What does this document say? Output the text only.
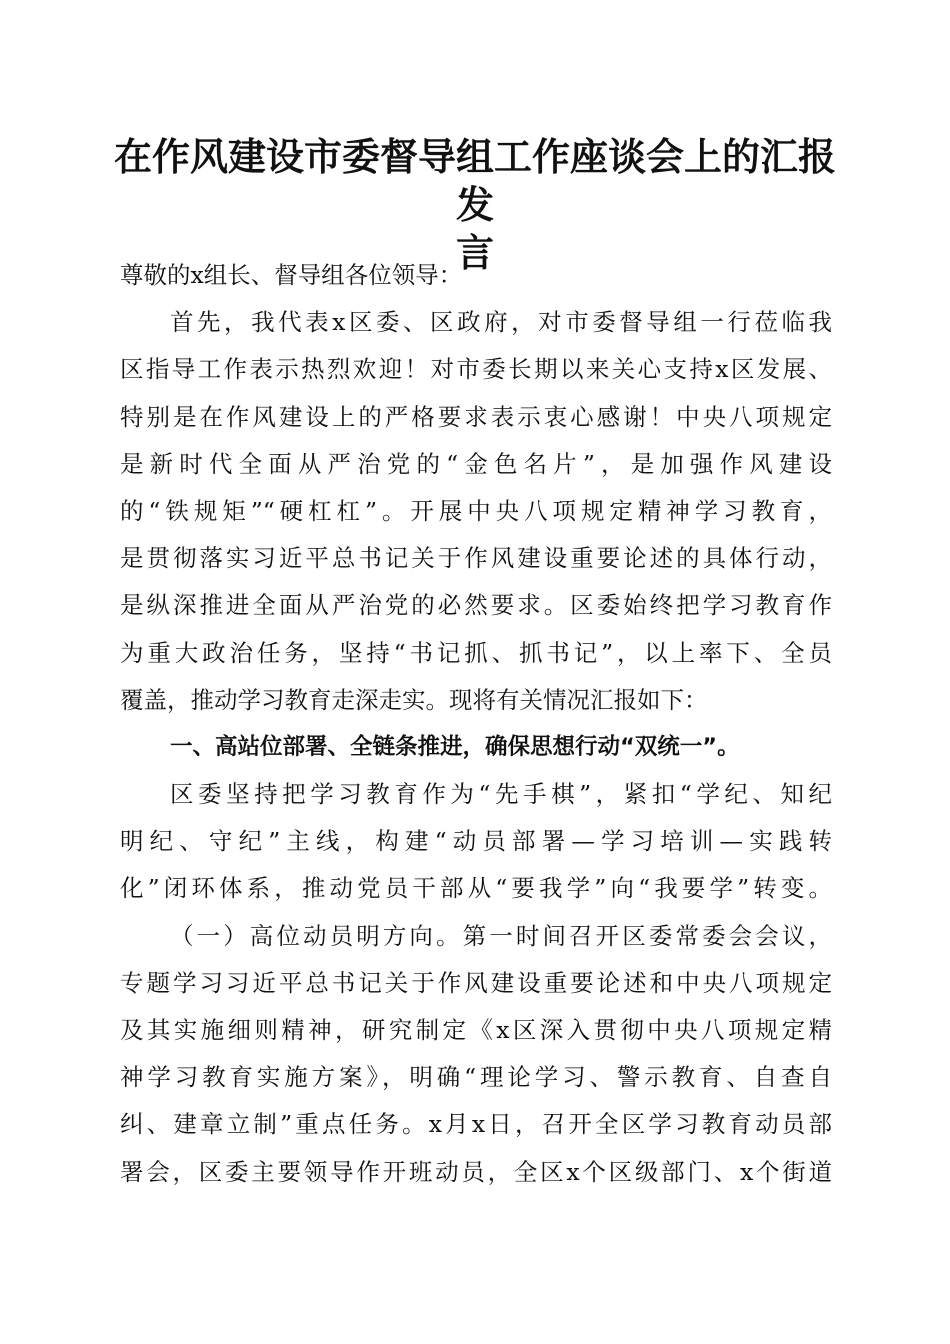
在作风建设市委督导组工作座谈会上的汇报发
言
尊敬的x组长、督导组各位领导：
首先，我代表x区委、区政府，对市委督导组一行莅临我
区指导工作表示热烈欢迎！对市委长期以来关心支持x区发展、
特别是在作风建设上的严格要求表示衷心感谢！中央八项规定
是新时代全面从严治党的“金色名片”，是加强作风建设
的“铁规矩”“硬杠杠”。开展中央八项规定精神学习教育，
是贯彻落实习近平总书记关于作风建设重要论述的具体行动，
是纵深推进全面从严治党的必然要求。区委始终把学习教育作
为重大政治任务，坚持“书记抓、抓书记”，以上率下、全员
覆盖，推动学习教育走深走实。现将有关情况汇报如下：
一、高站位部署、全链条推进，确保思想行动“双统一”。
区委坚持把学习教育作为“先手棋”，紧扣“学纪、知纪
明纪、守纪”主线，构建“动员部署—学习培训—实践转
化”闭环体系，推动党员干部从“要我学”向“我要学”转变。
（一）高位动员明方向。第一时间召开区委常委会会议，
专题学习习近平总书记关于作风建设重要论述和中央八项规定
及其实施细则精神，研究制定《x区深入贯彻中央八项规定精
神学习教育实施方案》，明确“理论学习、警示教育、自查自
纠、建章立制”重点任务。x月x日，召开全区学习教育动员部
署会，区委主要领导作开班动员，全区x个区级部门、x个街道
